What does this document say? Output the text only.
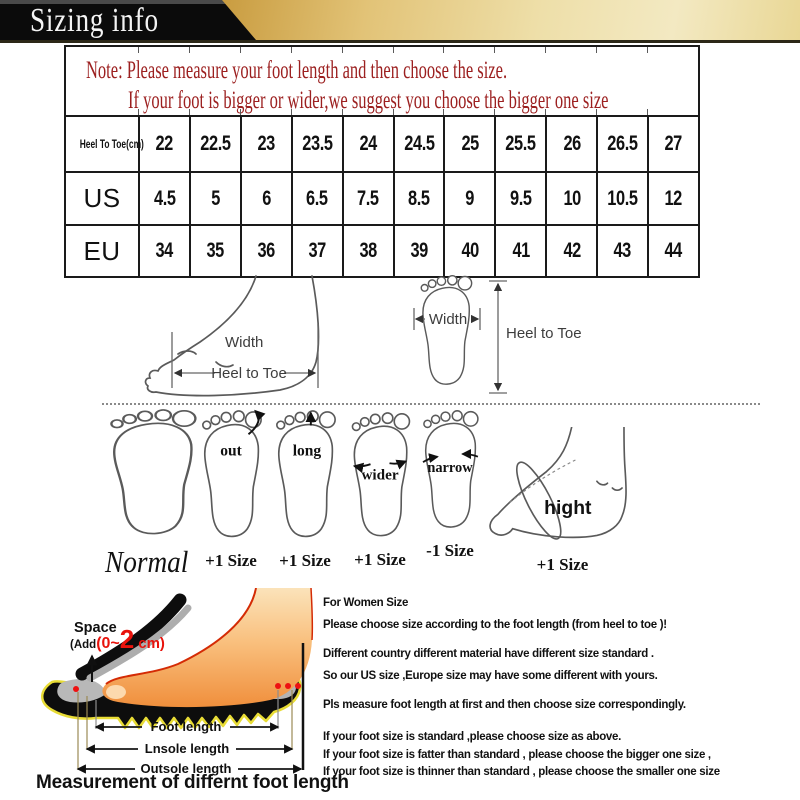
Sizing info
Note: Please measure your foot length and then choose the size.
If your foot is bigger or wider,we suggest you choose the bigger one size											

Heel To Toe(cm)	22	22.5	23	23.5	24	24.5	25	25.5	26	26.5	27
US	4.5	5	6	6.5	7.5	8.5	9	9.5	10	10.5	12
EU	34	35	36	37	38	39	40	41	42	43	44
Heel to Toe
Width
Width
Heel to Toe
Normal
out
+1 Size
long
+1 Size
wider
+1 Size
narrow
-1 Size
hight
+1 Size
Space
(Add(0~2 cm)
Foot length
Lnsole length
Outsole length
Measurement of differnt foot length
For Women Size
Please choose size according to the foot length (from heel to toe )!
Different country different material have different size standard .
So our US size ,Europe size may have some different with yours.
Pls measure foot length at first and then choose size correspondingly.
If your foot size is standard ,please choose size as above.
If your foot size is fatter than standard , please choose the bigger one size ,
If your foot size is thinner than standard , please choose the smaller one size
